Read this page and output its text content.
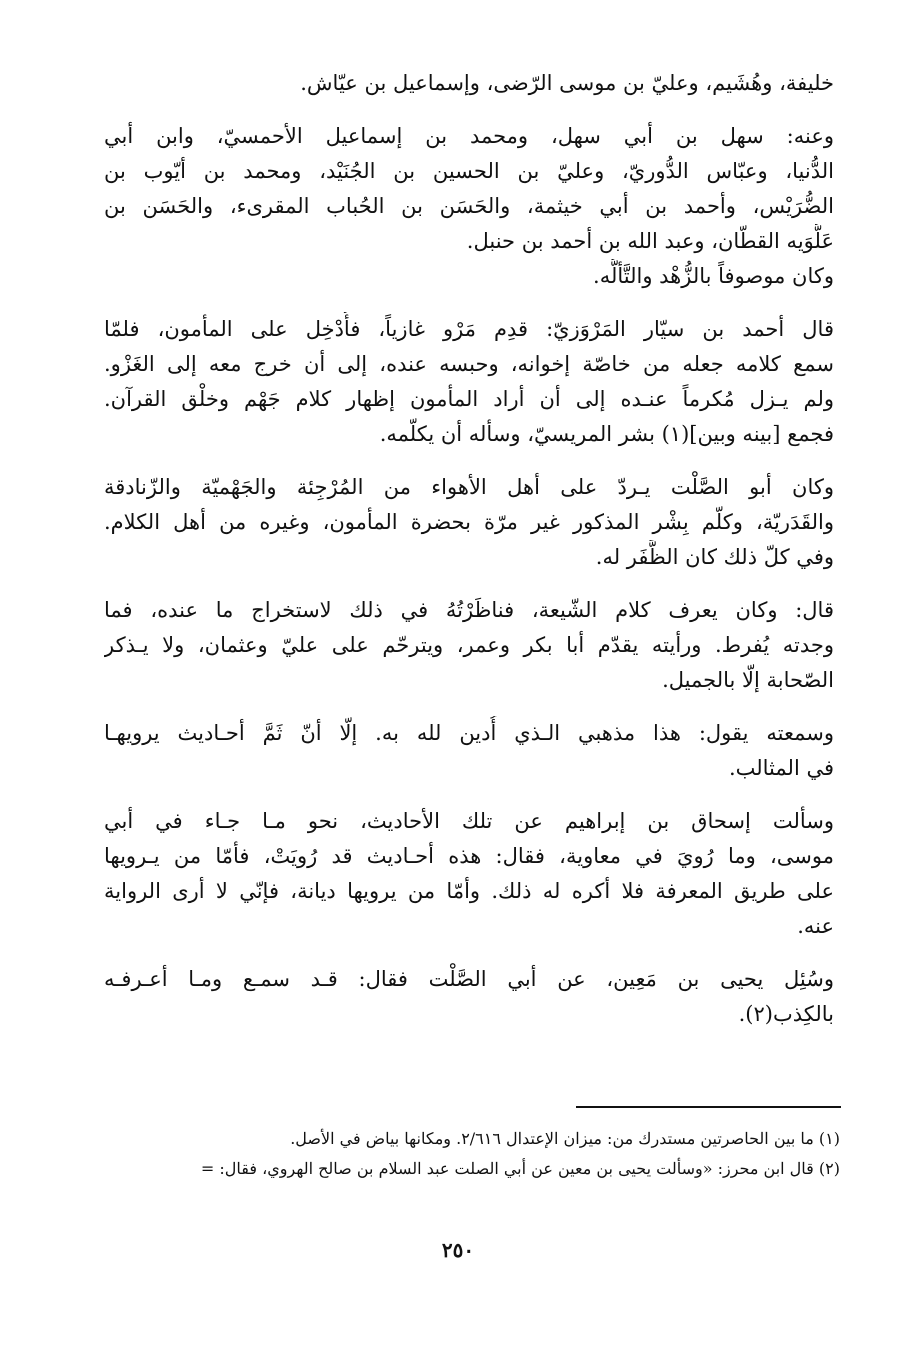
خليفة، وهُشَيم، وعليّ بن موسى الرّضى، وإسماعيل بن عيّاش.
وعنه: سهل بن أبي سهل، ومحمد بن إسماعيل الأحمسيّ، وابن أبي
الدُّنيا، وعبّاس الدُّوريّ، وعليّ بن الحسين بن الجُنَيْد، ومحمد بن أيّوب بن
الضُّرَيْس، وأحمد بن أبي خيثمة، والحَسَن بن الحُباب المقرىء، والحَسَن بن
عَلُّوَيه القطّان، وعبد الله بن أحمد بن حنبل.
وكان موصوفاً بالزُّهْد والتَّألُّه.
قال أحمد بن سيّار المَرْوَزيّ: قدِم مَرْو غازياً، فأُدْخِل على المأمون، فلمّا
سمع كلامه جعله من خاصّة إخوانه، وحبسه عنده، إلى أن خرج معه إلى الغَزْو.
ولم يـزل مُكرماً عنـده إلى أن أراد المأمون إظهار كلام جَهْم وخلْق القرآن.
فجمع [بينه وبين](١) بشر المريسيّ، وسأله أن يكلّمه.
وكان أبو الصَّلْت يـردّ على أهل الأهواء من المُرْجِئة والجَهْميّة والزّنادقة
والقَدَريّة، وكلّم بِشْر المذكور غير مرّة بحضرة المأمون، وغيره من أهل الكلام.
وفي كلّ ذلك كان الظَّفَر له.
قال: وكان يعرف كلام الشّيعة، فناظَرْتُهُ في ذلك لاستخراج ما عنده، فما
وجدته يُفرط. ورأيته يقدّم أبا بكر وعمر، ويترحّم على عليّ وعثمان، ولا يـذكر
الصّحابة إلّا بالجميل.
وسمعته يقول: هذا مذهبي الـذي أُدين لله به. إلّا أنّ ثَمَّ أحـاديث يرويهـا
في المثالب.
وسألت إسحاق بن إبراهيم عن تلك الأحاديث، نحو مـا جـاء في أبي
موسى، وما رُويَ في معاوية، فقال: هذه أحـاديث قد رُويَتْ، فأمّا من يـرويها
على طريق المعرفة فلا أكره له ذلك. وأمّا من يرويها ديانة، فإنّي لا أرى الرواية
عنه.
وسُئِل يحيى بن مَعِين، عن أبي الصَّلْت فقال: قـد سمـع ومـا أعـرفـه
بالكِذب(٢).
(١) ما بين الحاصرتين مستدرك من: ميزان الإعتدال ٢/٦١٦. ومكانها بياض في الأصل.
(٢) قال ابن محرز: «وسألت يحيى بن معين عن أبي الصلت عبد السلام بن صالح الهروي، فقال: =
٢٥٠
